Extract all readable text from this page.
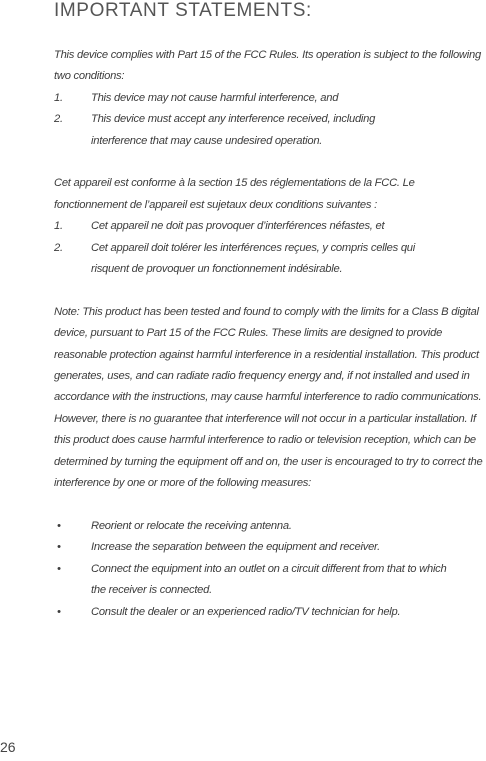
IMPORTANT STATEMENTS:

This device complies with Part 15 of the FCC Rules. Its operation is subject to the following two conditions:

1.	This device may not cause harmful interference, and
2.	This device must accept any interference received, including interference that may cause undesired operation.

Cet appareil est conforme à la section 15 des réglementations de la FCC. Le fonctionnement de l’appareil est sujetaux deux conditions suivantes :

1.	Cet appareil ne doit pas provoquer d’interférences néfastes, et
2.	Cet appareil doit tolérer les interférences reçues, y compris celles qui risquent de provoquer un fonctionnement indésirable.

Note: This product has been tested and found to comply with the limits for a Class B digital device, pursuant to Part 15 of the FCC Rules. These limits are designed to provide reasonable protection against harmful interference in a residential installation. This product generates, uses, and can radiate radio frequency energy and, if not installed and used in accordance with the instructions, may cause harmful interference to radio communications.

However, there is no guarantee that interference will not occur in a particular installation. If this product does cause harmful interference to radio or television reception, which can be determined by turning the equipment off and on, the user is encouraged to try to correct the interference by one or more of the following measures:

•	Reorient or relocate the receiving antenna.
•	Increase the separation between the equipment and receiver.
•	Connect the equipment into an outlet on a circuit different from that to which the receiver is connected.
•	Consult the dealer or an experienced radio/TV technician for help.
26
